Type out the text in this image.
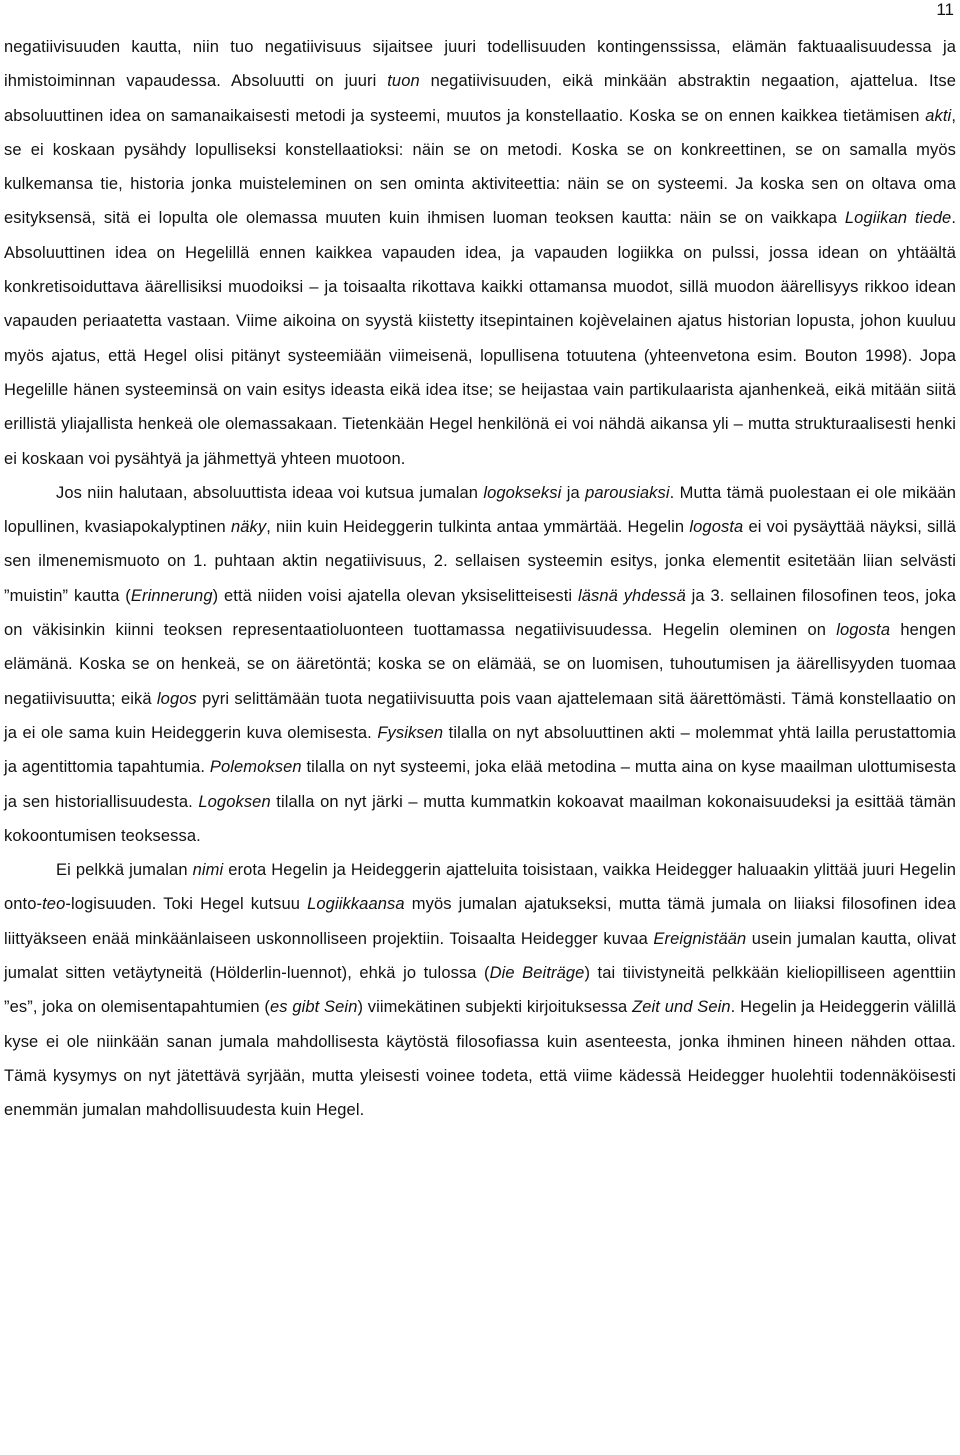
11

negatiivisuuden kautta, niin tuo negatiivisuus sijaitsee juuri todellisuuden kontingenssissa, elämän faktuaalisuudessa ja ihmistoiminnan vapaudessa. Absoluutti on juuri tuon negatiivisuuden, eikä minkään abstraktin negaation, ajattelua. Itse absoluuttinen idea on samanaikaisesti metodi ja systeemi, muutos ja konstellaatio. Koska se on ennen kaikkea tietämisen akti, se ei koskaan pysähdy lopulliseksi konstellaatioksi: näin se on metodi. Koska se on konkreettinen, se on samalla myös kulkemansa tie, historia jonka muisteleminen on sen ominta aktiviteettia: näin se on systeemi. Ja koska sen on oltava oma esityksensä, sitä ei lopulta ole olemassa muuten kuin ihmisen luoman teoksen kautta: näin se on vaikkapa Logiikan tiede. Absoluuttinen idea on Hegelillä ennen kaikkea vapauden idea, ja vapauden logiikka on pulssi, jossa idean on yhtäältä konkretisoiduttava äärellisiksi muodoiksi – ja toisaalta rikottava kaikki ottamansa muodot, sillä muodon äärellisyys rikkoo idean vapauden periaatetta vastaan. Viime aikoina on syystä kiistetty itsepintainen kojèvelainen ajatus historian lopusta, johon kuuluu myös ajatus, että Hegel olisi pitänyt systeemiään viimeisenä, lopullisena totuutena (yhteenvetona esim. Bouton 1998). Jopa Hegelille hänen systeeminsä on vain esitys ideasta eikä idea itse; se heijastaa vain partikulaarista ajanhenkeä, eikä mitään siitä erillistä yliajallista henkeä ole olemassakaan. Tietenkään Hegel henkilönä ei voi nähdä aikansa yli – mutta strukturaalisesti henki ei koskaan voi pysähtyä ja jähmettyä yhteen muotoon.

Jos niin halutaan, absoluuttista ideaa voi kutsua jumalan logokseksi ja parousiaksi. Mutta tämä puolestaan ei ole mikään lopullinen, kvasiapokalyptinen näky, niin kuin Heideggerin tulkinta antaa ymmärtää. Hegelin logosta ei voi pysäyttää näyksi, sillä sen ilmenemismuoto on 1. puhtaan aktin negatiivisuus, 2. sellaisen systeemin esitys, jonka elementit esitetään liian selvästi ”muistin” kautta (Erinnerung) että niiden voisi ajatella olevan yksiselitteisesti läsnä yhdessä ja 3. sellainen filosofinen teos, joka on väkisinkin kiinni teoksen representaatioluonteen tuottamassa negatiivisuudessa. Hegelin oleminen on logosta hengen elämänä. Koska se on henkeä, se on ääretöntä; koska se on elämää, se on luomisen, tuhoutumisen ja äärellisyyden tuomaa negatiivisuutta; eikä logos pyri selittämään tuota negatiivisuutta pois vaan ajattelemaan sitä äärettömästi. Tämä konstellaatio on ja ei ole sama kuin Heideggerin kuva olemisesta. Fysiksen tilalla on nyt absoluuttinen akti – molemmat yhtä lailla perustattomia ja agentittomia tapahtumia. Polemoksen tilalla on nyt systeemi, joka elää metodina – mutta aina on kyse maailman ulottumisesta ja sen historiallisuudesta. Logoksen tilalla on nyt järki – mutta kummatkin kokoavat maailman kokonaisuudeksi ja esittää tämän kokoontumisen teoksessa.

Ei pelkkä jumalan nimi erota Hegelin ja Heideggerin ajatteluita toisistaan, vaikka Heidegger haluaakin ylittää juuri Hegelin onto-teo-logisuuden. Toki Hegel kutsuu Logiikkaansa myös jumalan ajatukseksi, mutta tämä jumala on liiaksi filosofinen idea liittyäkseen enää minkäänlaiseen uskonnolliseen projektiin. Toisaalta Heidegger kuvaa Ereignistään usein jumalan kautta, olivat jumalat sitten vetäytyneitä (Hölderlin-luennot), ehkä jo tulossa (Die Beiträge) tai tiivistyneitä pelkkään kieliopilliseen agenttiin ”es”, joka on olemisentapahtumien (es gibt Sein) viimekätinen subjekti kirjoituksessa Zeit und Sein. Hegelin ja Heideggerin välillä kyse ei ole niinkään sanan jumala mahdollisesta käytöstä filosofiassa kuin asenteesta, jonka ihminen hineen nähden ottaa. Tämä kysymys on nyt jätettävä syrjään, mutta yleisesti voinee todeta, että viime kädessä Heidegger huolehtii todennäköisesti enemmän jumalan mahdollisuudesta kuin Hegel.
